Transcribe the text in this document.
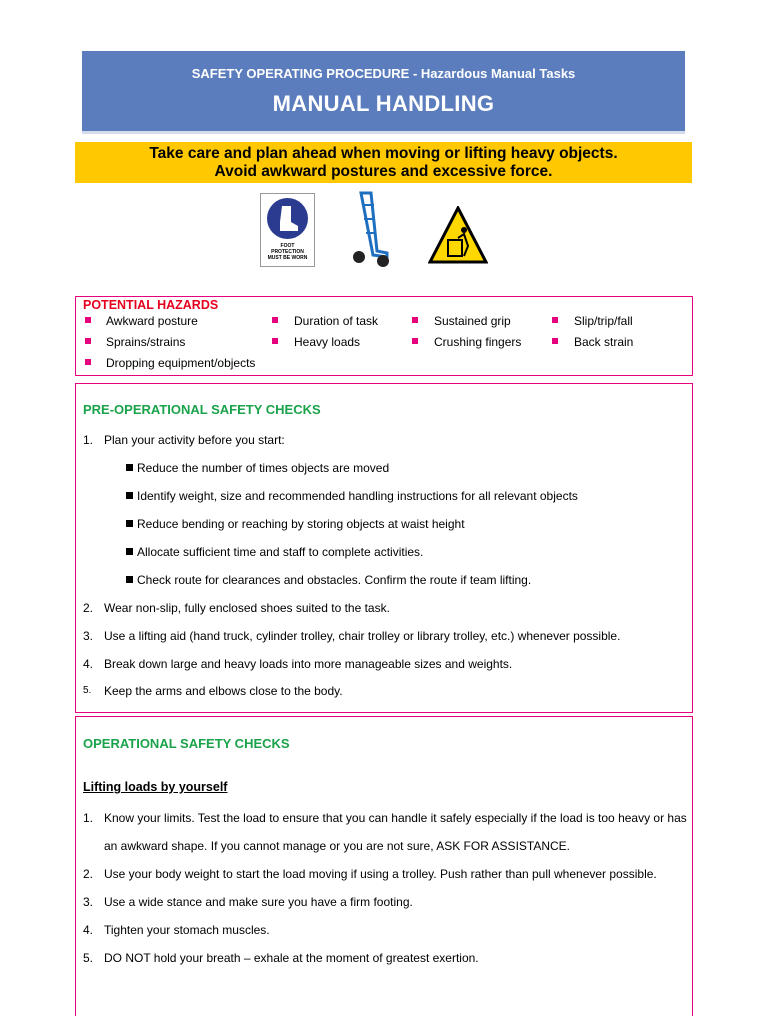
SAFETY OPERATING PROCEDURE - Hazardous Manual Tasks
MANUAL HANDLING
Take care and plan ahead when moving or lifting heavy objects.
Avoid awkward postures and excessive force.
FOOT
PROTECTION
MUST BE WORN
POTENTIAL HAZARDS
Awkward posture	Duration of task	Sustained grip	Slip/trip/fall
Sprains/strains	Heavy loads	Crushing fingers	Back strain
Dropping equipment/objects
PRE-OPERATIONAL SAFETY CHECKS
1. Plan your activity before you start:
Reduce the number of times objects are moved
Identify weight, size and recommended handling instructions for all relevant objects
Reduce bending or reaching by storing objects at waist height
Allocate sufficient time and staff to complete activities.
Check route for clearances and obstacles. Confirm the route if team lifting.
2. Wear non-slip, fully enclosed shoes suited to the task.
3. Use a lifting aid (hand truck, cylinder trolley, chair trolley or library trolley, etc.) whenever possible.
4. Break down large and heavy loads into more manageable sizes and weights.
5. Keep the arms and elbows close to the body.
OPERATIONAL SAFETY CHECKS
Lifting loads by yourself
1. Know your limits. Test the load to ensure that you can handle it safely especially if the load is too heavy or has
an awkward shape. If you cannot manage or you are not sure, ASK FOR ASSISTANCE.
2. Use your body weight to start the load moving if using a trolley. Push rather than pull whenever possible.
3. Use a wide stance and make sure you have a firm footing.
4. Tighten your stomach muscles.
5. DO NOT hold your breath – exhale at the moment of greatest exertion.
